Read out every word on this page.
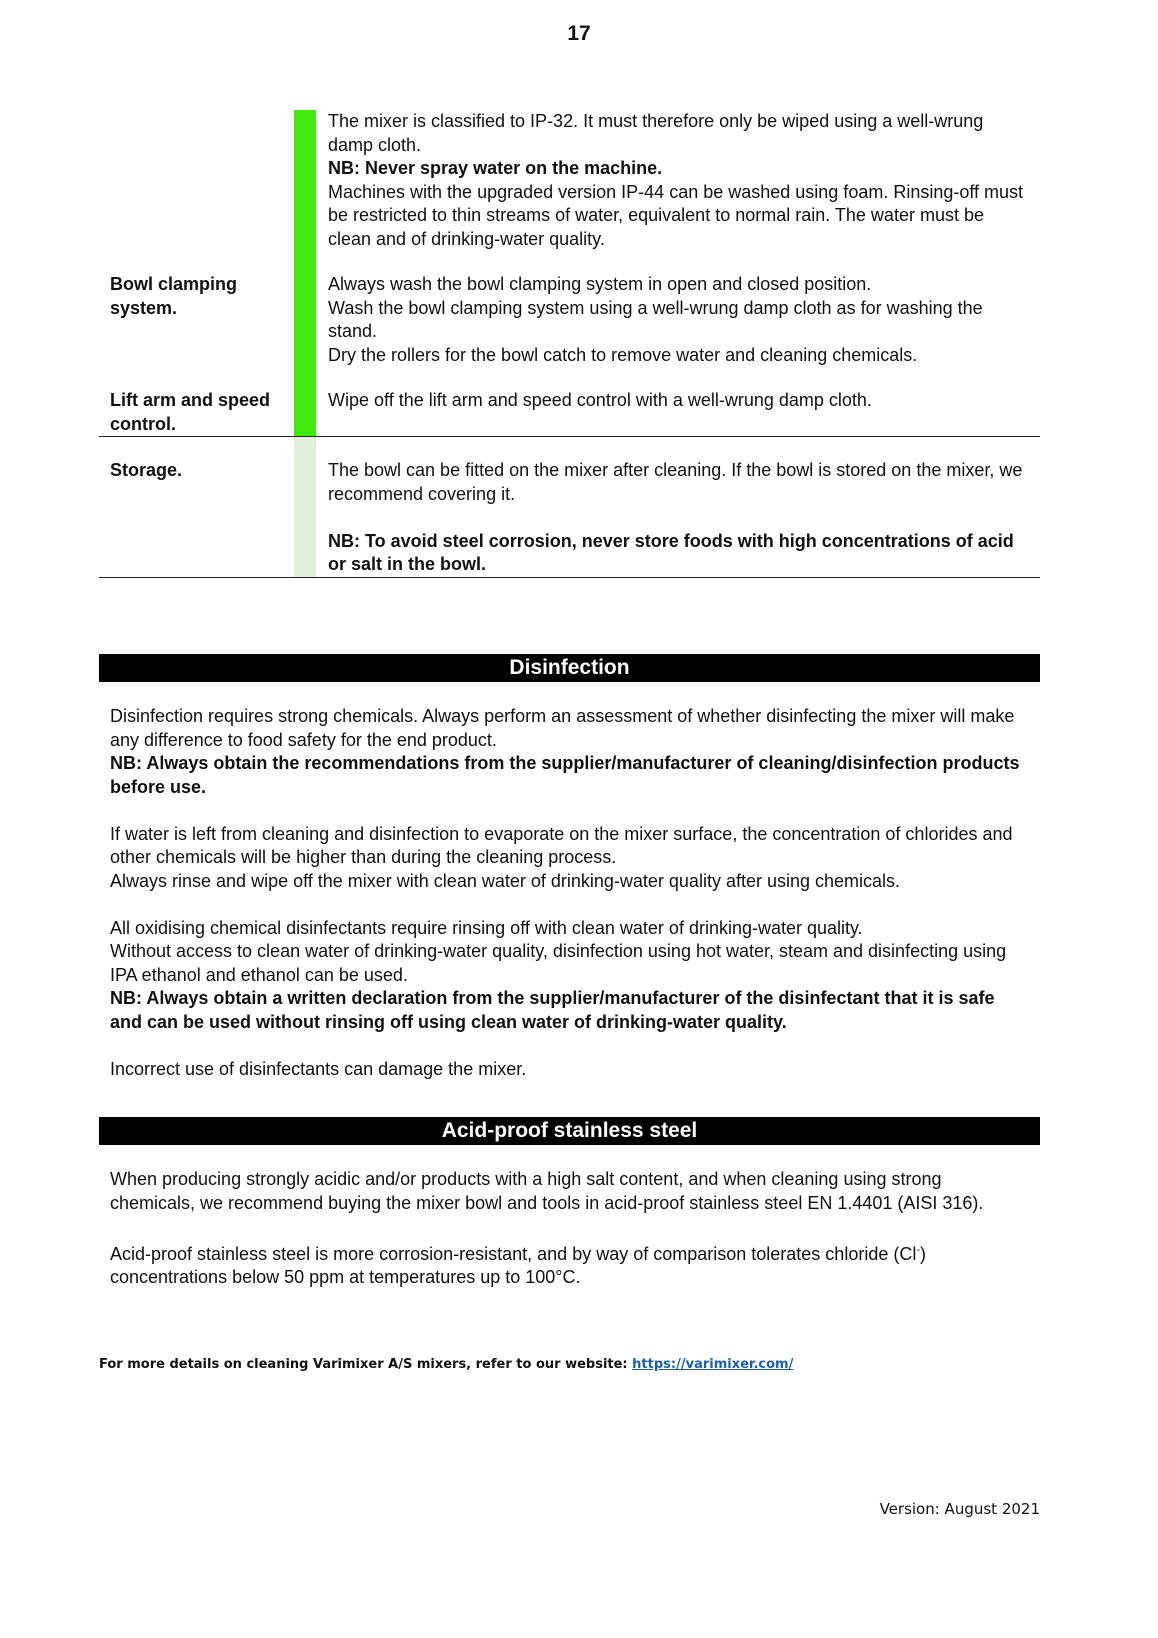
17
The mixer is classified to IP-32. It must therefore only be wiped using a well-wrung damp cloth.
NB: Never spray water on the machine.
Machines with the upgraded version IP-44 can be washed using foam. Rinsing-off must be restricted to thin streams of water, equivalent to normal rain. The water must be clean and of drinking-water quality.
Bowl clamping system.
Always wash the bowl clamping system in open and closed position.
Wash the bowl clamping system using a well-wrung damp cloth as for washing the stand.
Dry the rollers for the bowl catch to remove water and cleaning chemicals.
Lift arm and speed control.
Wipe off the lift arm and speed control with a well-wrung damp cloth.
Storage.	The bowl can be fitted on the mixer after cleaning. If the bowl is stored on the mixer, we recommend covering it.
NB: To avoid steel corrosion, never store foods with high concentrations of acid or salt in the bowl.
Disinfection

Disinfection requires strong chemicals. Always perform an assessment of whether disinfecting the mixer will make any difference to food safety for the end product.
NB: Always obtain the recommendations from the supplier/manufacturer of cleaning/disinfection products before use.

If water is left from cleaning and disinfection to evaporate on the mixer surface, the concentration of chlorides and other chemicals will be higher than during the cleaning process.
Always rinse and wipe off the mixer with clean water of drinking-water quality after using chemicals.

All oxidising chemical disinfectants require rinsing off with clean water of drinking-water quality.
Without access to clean water of drinking-water quality, disinfection using hot water, steam and disinfecting using IPA ethanol and ethanol can be used.
NB: Always obtain a written declaration from the supplier/manufacturer of the disinfectant that it is safe and can be used without rinsing off using clean water of drinking-water quality.

Incorrect use of disinfectants can damage the mixer.

Acid-proof stainless steel

When producing strongly acidic and/or products with a high salt content, and when cleaning using strong chemicals, we recommend buying the mixer bowl and tools in acid-proof stainless steel EN 1.4401 (AISI 316).

Acid-proof stainless steel is more corrosion-resistant, and by way of comparison tolerates chloride (Cl-) concentrations below 50 ppm at temperatures up to 100°C.

For more details on cleaning Varimixer A/S mixers, refer to our website: https://varimixer.com/
Version: August 2021
